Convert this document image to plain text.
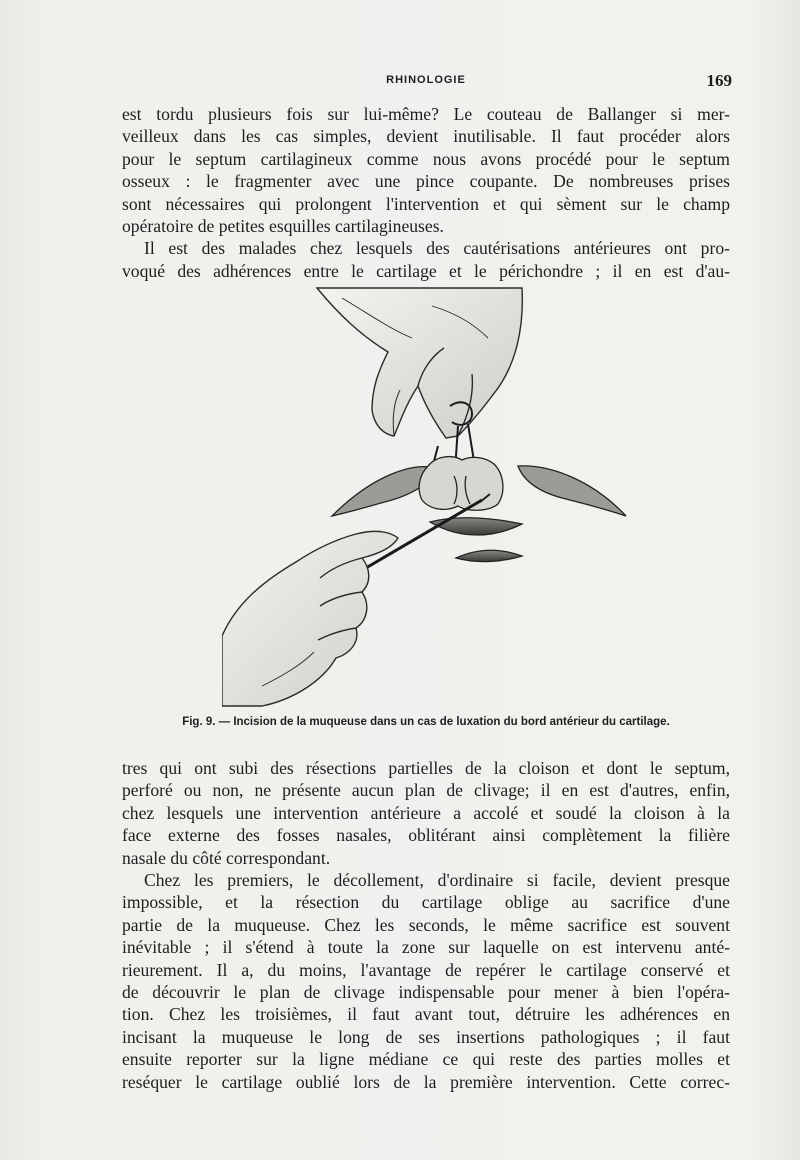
RHINOLOGIE	169

est tordu plusieurs fois sur lui-même? Le couteau de Ballanger si mer-
veilleux dans les cas simples, devient inutilisable. Il faut procéder alors
pour le septum cartilagineux comme nous avons procédé pour le septum
osseux : le fragmenter avec une pince coupante. De nombreuses prises
sont nécessaires qui prolongent l'intervention et qui sèment sur le champ
opératoire de petites esquilles cartilagineuses.

Il est des malades chez lesquels des cautérisations antérieures ont pro-
voqué des adhérences entre le cartilage et le périchondre ; il en est d'au-

Fig. 9. — Incision de la muqueuse dans un cas de luxation du bord antérieur du cartilage.

tres qui ont subi des résections partielles de la cloison et dont le septum,
perforé ou non, ne présente aucun plan de clivage; il en est d'autres, enfin,
chez lesquels une intervention antérieure a accolé et soudé la cloison à la
face externe des fosses nasales, oblitérant ainsi complètement la filière
nasale du côté correspondant.

Chez les premiers, le décollement, d'ordinaire si facile, devient presque
impossible, et la résection du cartilage oblige au sacrifice d'une
partie de la muqueuse. Chez les seconds, le même sacrifice est souvent
inévitable ; il s'étend à toute la zone sur laquelle on est intervenu anté-
rieurement. Il a, du moins, l'avantage de repérer le cartilage conservé et
de découvrir le plan de clivage indispensable pour mener à bien l'opéra-
tion. Chez les troisièmes, il faut avant tout, détruire les adhérences en
incisant la muqueuse le long de ses insertions pathologiques ; il faut
ensuite reporter sur la ligne médiane ce qui reste des parties molles et
reséquer le cartilage oublié lors de la première intervention. Cette correc-
